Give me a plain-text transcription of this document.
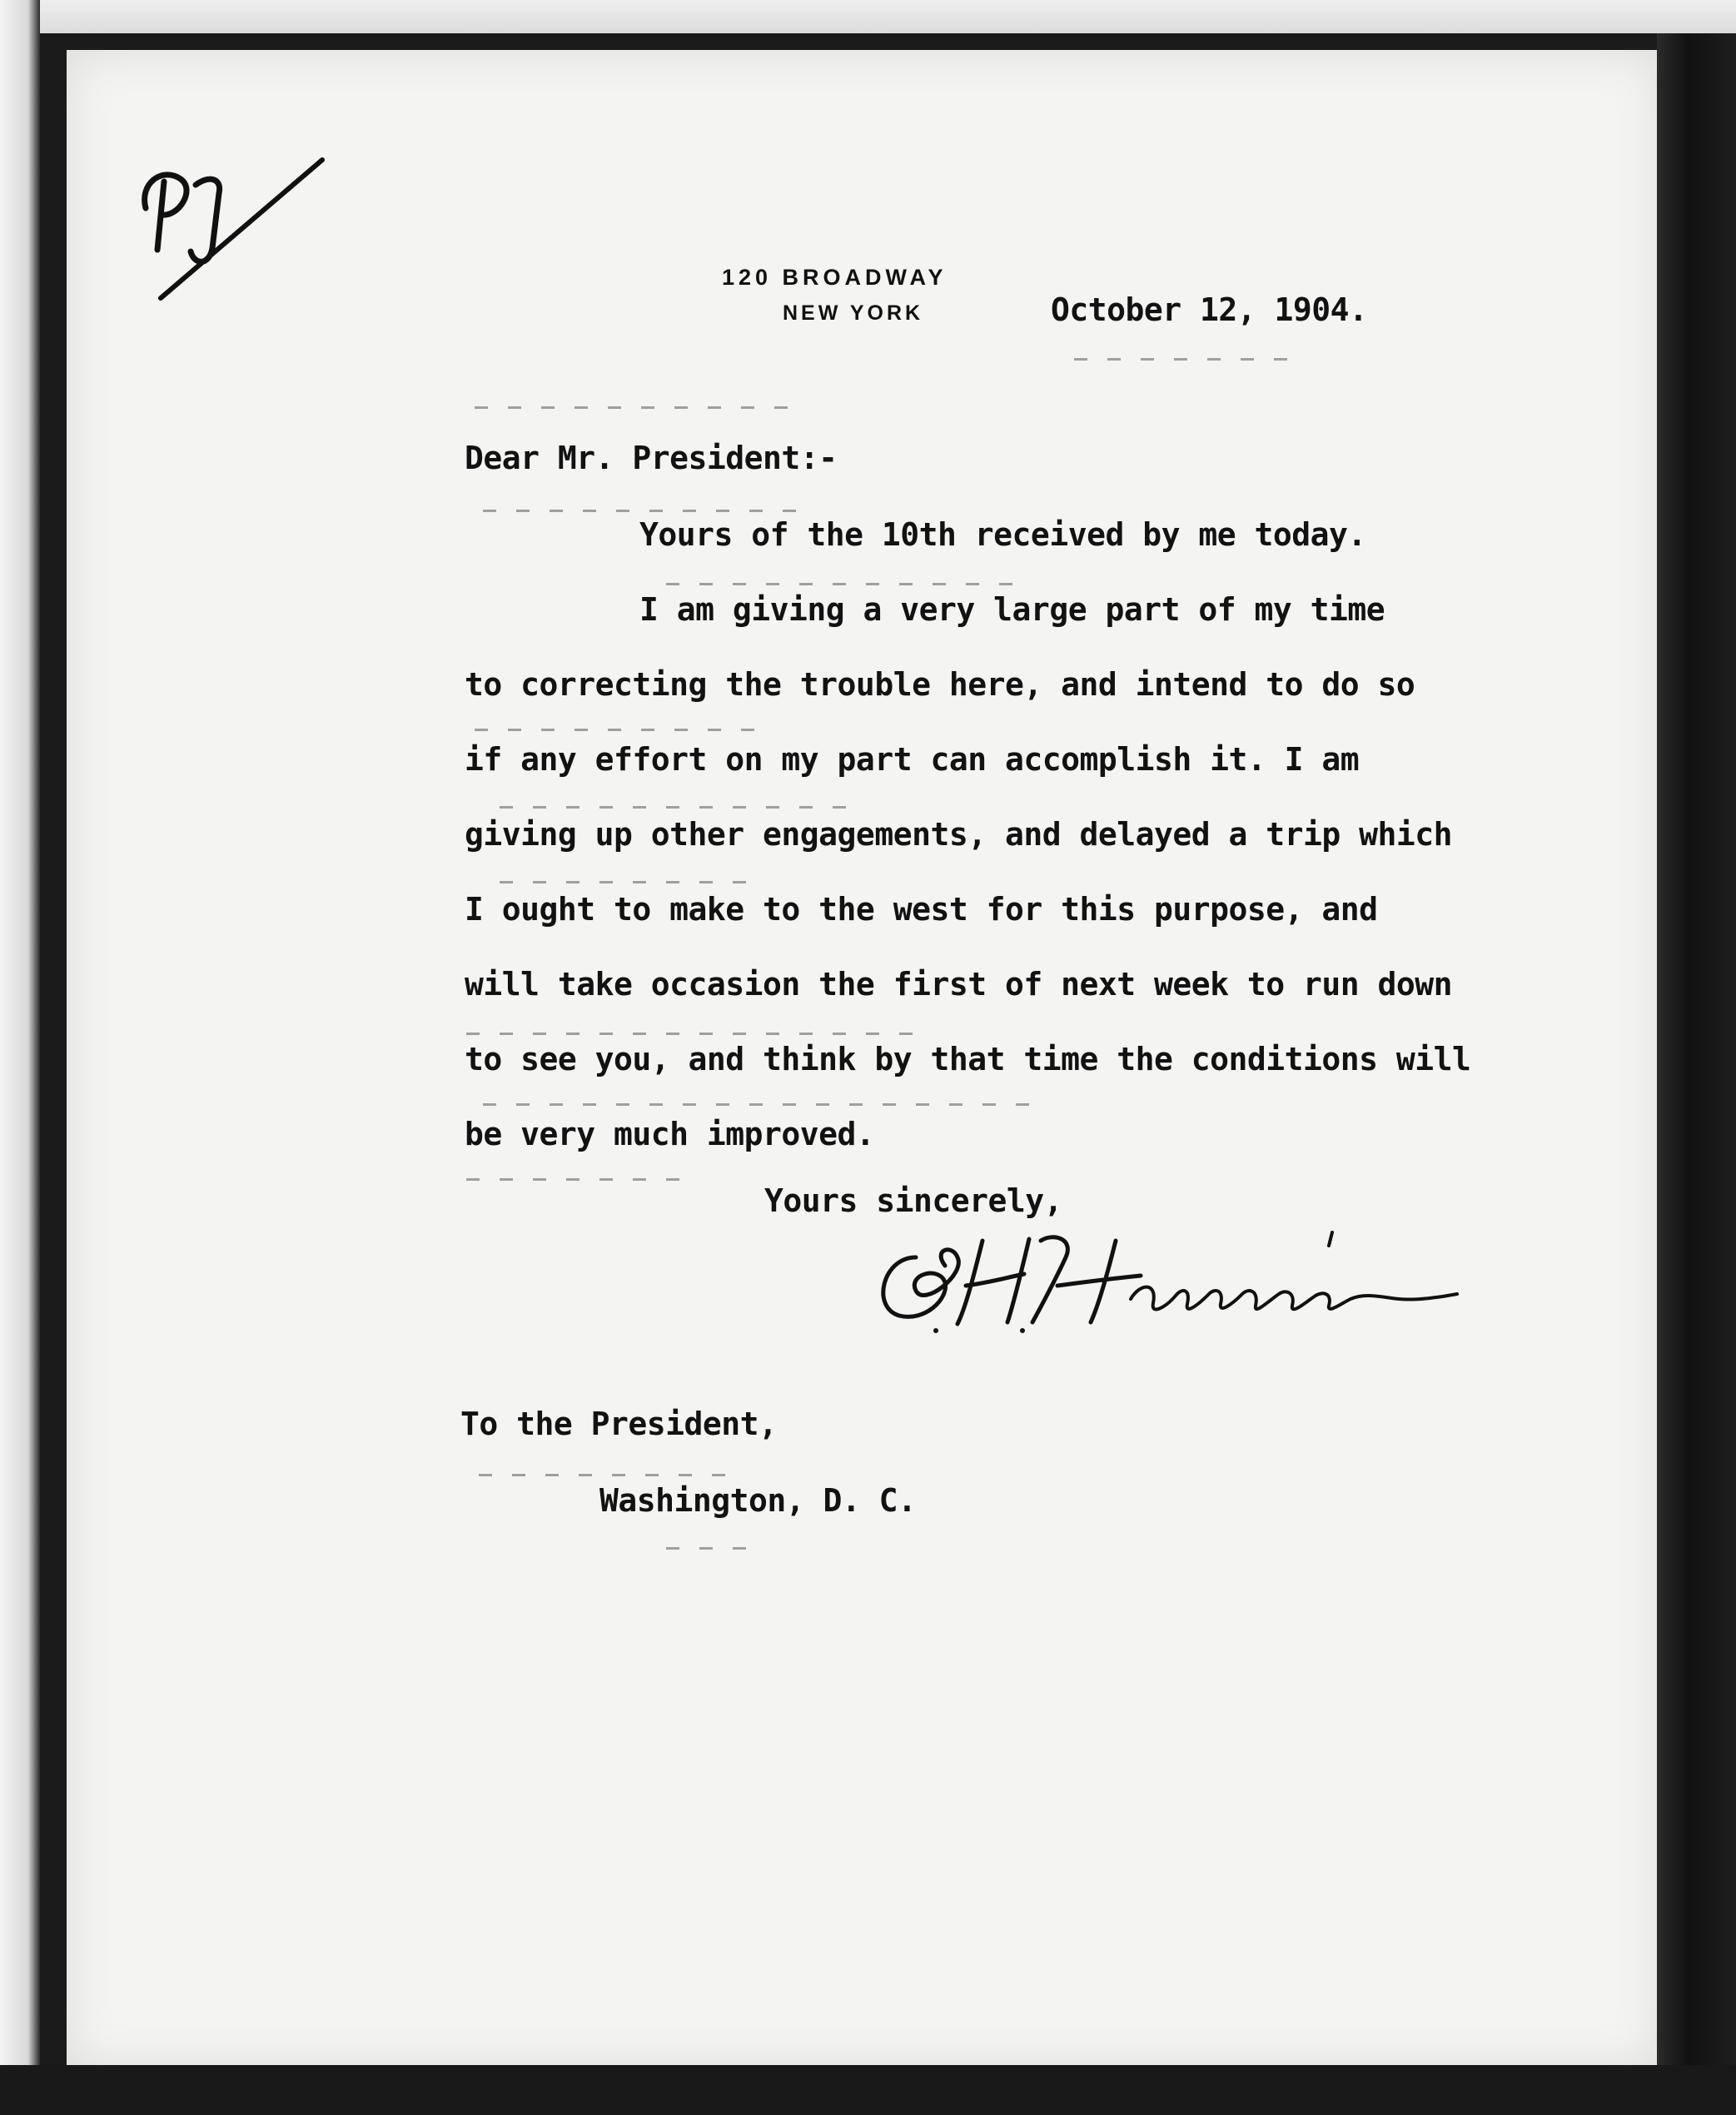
120 BROADWAY
NEW YORK	October 12, 1904.
Dear Mr. President:-
Yours of the 10th received by me today.
I am giving a very large part of my time
to correcting the trouble here, and intend to do so
if any effort on my part can accomplish it. I am
giving up other engagements, and delayed a trip which
I ought to make to the west for this purpose, and
will take occasion the first of next week to run down
to see you, and think by that time the conditions will
be very much improved.
Yours sincerely,
To the President,
Washington, D. C.
